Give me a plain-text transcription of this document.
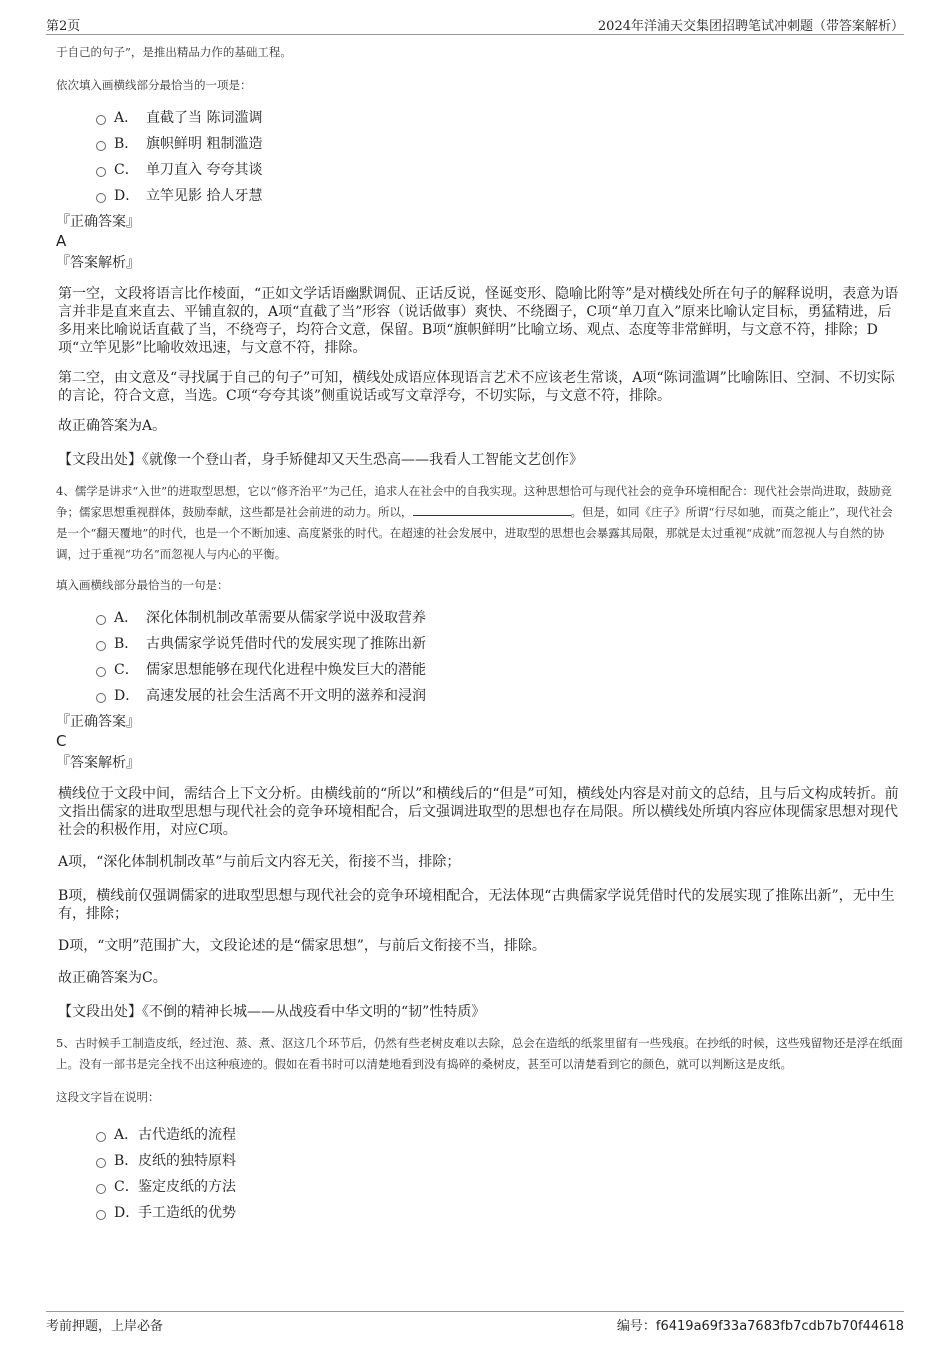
第2页	2024年洋浦天交集团招聘笔试冲刺题（带答案解析）

于自己的句子”，是推出精品力作的基础工程。

依次填入画横线部分最恰当的一项是：

A． 直截了当 陈词滥调
B． 旗帜鲜明 粗制滥造
C． 单刀直入 夸夸其谈
D． 立竿见影 拾人牙慧

『正确答案』

A

『答案解析』

第一空，文段将语言比作棱面，“正如文学话语幽默调侃、正话反说，怪诞变形、隐喻比附等”是对横线处所在句子的解释说明，表意为语言并非是直来直去、平铺直叙的，A项“直截了当”形容（说话做事）爽快、不绕圈子，C项“单刀直入”原来比喻认定目标，勇猛精进，后多用来比喻说话直截了当，不绕弯子，均符合文意，保留。B项“旗帜鲜明”比喻立场、观点、态度等非常鲜明，与文意不符，排除；D项“立竿见影”比喻收效迅速，与文意不符，排除。

第二空，由文意及“寻找属于自己的句子”可知，横线处成语应体现语言艺术不应该老生常谈，A项“陈词滥调”比喻陈旧、空洞、不切实际的言论，符合文意，当选。C项“夸夸其谈”侧重说话或写文章浮夸，不切实际，与文意不符，排除。

故正确答案为A。

【文段出处】《就像一个登山者，身手矫健却又天生恐高——我看人工智能文艺创作》

4、儒学是讲求“入世”的进取型思想，它以“修齐治平”为己任，追求人在社会中的自我实现。这种思想恰可与现代社会的竞争环境相配合：现代社会崇尚进取，鼓励竞争；儒家思想重视群体，鼓励奉献，这些都是社会前进的动力。所以，	。但是，如同《庄子》所谓“行尽如驰，而莫之能止”，现代社会是一个“翻天覆地”的时代，也是一个不断加速、高度紧张的时代。在超速的社会发展中，进取型的思想也会暴露其局限，那就是太过重视“成就”而忽视人与自然的协调，过于重视“功名”而忽视人与内心的平衡。

填入画横线部分最恰当的一句是：

A． 深化体制机制改革需要从儒家学说中汲取营养
B． 古典儒家学说凭借时代的发展实现了推陈出新
C． 儒家思想能够在现代化进程中焕发巨大的潜能
D． 高速发展的社会生活离不开文明的滋养和浸润

『正确答案』

C

『答案解析』

横线位于文段中间，需结合上下文分析。由横线前的“所以”和横线后的“但是”可知，横线处内容是对前文的总结，且与后文构成转折。前文指出儒家的进取型思想与现代社会的竞争环境相配合，后文强调进取型的思想也存在局限。所以横线处所填内容应体现儒家思想对现代社会的积极作用，对应C项。

A项，“深化体制机制改革”与前后文内容无关，衔接不当，排除；

B项，横线前仅强调儒家的进取型思想与现代社会的竞争环境相配合，无法体现“古典儒家学说凭借时代的发展实现了推陈出新”，无中生有，排除；

D项，“文明”范围扩大，文段论述的是“儒家思想”，与前后文衔接不当，排除。

故正确答案为C。

【文段出处】《不倒的精神长城——从战疫看中华文明的“韧”性特质》

5、古时候手工制造皮纸，经过泡、蒸、煮、沤这几个环节后，仍然有些老树皮难以去除，总会在造纸的纸浆里留有一些残痕。在抄纸的时候，这些残留物还是浮在纸面上。没有一部书是完全找不出这种痕迹的。假如在看书时可以清楚地看到没有捣碎的桑树皮，甚至可以清楚看到它的颜色，就可以判断这是皮纸。

这段文字旨在说明：

A． 古代造纸的流程
B． 皮纸的独特原料
C． 鉴定皮纸的方法
D．
手工造纸的优势
考前押题，上岸必备	编号：f6419a69f33a7683fb7cdb7b70f44618
